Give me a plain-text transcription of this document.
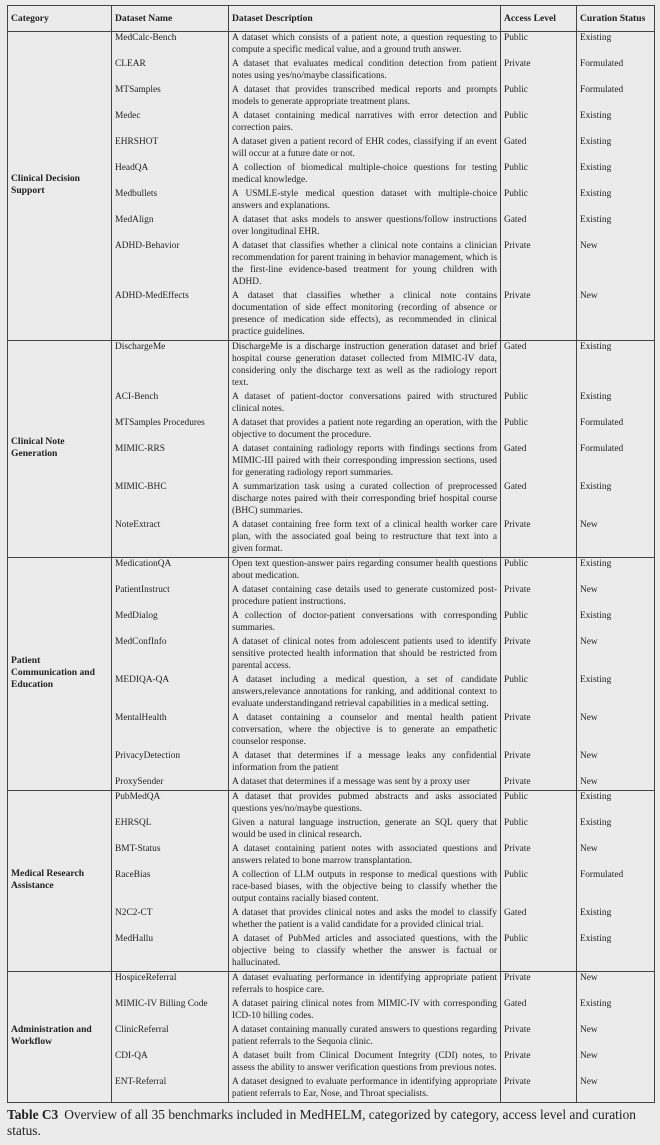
Category	Dataset Name	Dataset Description	Access Level	Curation Status
Clinical Decision Support	MedCalc-Bench	A dataset which consists of a patient note, a question requesting to compute a specific medical value, and a ground truth answer.	Public	Existing
	CLEAR	A dataset that evaluates medical condition detection from patient notes using yes/no/maybe classifications.	Private	Formulated
	MTSamples	A dataset that provides transcribed medical reports and prompts models to generate appropriate treatment plans.	Public	Formulated
	Medec	A dataset containing medical narratives with error detection and correction pairs.	Public	Existing
	EHRSHOT	A dataset given a patient record of EHR codes, classifying if an event will occur at a future date or not.	Gated	Existing
	HeadQA	A collection of biomedical multiple-choice questions for testing medical knowledge.	Public	Existing
	Medbullets	A USMLE-style medical question dataset with multiple-choice answers and explanations.	Public	Existing
	MedAlign	A dataset that asks models to answer questions/follow instructions over longitudinal EHR.	Gated	Existing
	ADHD-Behavior	A dataset that classifies whether a clinical note contains a clinician recommendation for parent training in behavior management, which is the first-line evidence-based treatment for young children with ADHD.	Private	New
	ADHD-MedEffects	A dataset that classifies whether a clinical note contains documentation of side effect monitoring (recording of absence or presence of medication side effects), as recommended in clinical practice guidelines.	Private	New
Clinical Note Generation	DischargeMe	DischargeMe is a discharge instruction generation dataset and brief hospital course generation dataset collected from MIMIC-IV data, considering only the discharge text as well as the radiology report text.	Gated	Existing
	ACI-Bench	A dataset of patient-doctor conversations paired with structured clinical notes.	Public	Existing
	MTSamples Procedures	A dataset that provides a patient note regarding an operation, with the objective to document the procedure.	Public	Formulated
	MIMIC-RRS	A dataset containing radiology reports with findings sections from MIMIC-III paired with their corresponding impression sections, used for generating radiology report summaries.	Gated	Formulated
	MIMIC-BHC	A summarization task using a curated collection of preprocessed discharge notes paired with their corresponding brief hospital course (BHC) summaries.	Gated	Existing
	NoteExtract	A dataset containing free form text of a clinical health worker care plan, with the associated goal being to restructure that text into a given format.	Private	New
Patient Communication and Education	MedicationQA	Open text question-answer pairs regarding consumer health questions about medication.	Public	Existing
	PatientInstruct	A dataset containing case details used to generate customized post-procedure patient instructions.	Private	New
	MedDialog	A collection of doctor-patient conversations with corresponding summaries.	Public	Existing
	MedConfInfo	A dataset of clinical notes from adolescent patients used to identify sensitive protected health information that should be restricted from parental access.	Private	New
	MEDIQA-QA	A dataset including a medical question, a set of candidate answers,relevance annotations for ranking, and additional context to evaluate understandingand retrieval capabilities in a medical setting.	Public	Existing
	MentalHealth	A dataset containing a counselor and mental health patient conversation, where the objective is to generate an empathetic counselor response.	Private	New
	PrivacyDetection	A dataset that determines if a message leaks any confidential information from the patient	Private	New
	ProxySender	A dataset that determines if a message was sent by a proxy user	Private	New
Medical Research Assistance	PubMedQA	A dataset that provides pubmed abstracts and asks associated questions yes/no/maybe questions.	Public	Existing
	EHRSQL	Given a natural language instruction, generate an SQL query that would be used in clinical research.	Public	Existing
	BMT-Status	A dataset containing patient notes with associated questions and answers related to bone marrow transplantation.	Private	New
	RaceBias	A collection of LLM outputs in response to medical questions with race-based biases, with the objective being to classify whether the output contains racially biased content.	Public	Formulated
	N2C2-CT	A dataset that provides clinical notes and asks the model to classify whether the patient is a valid candidate for a provided clinical trial.	Gated	Existing
	MedHallu	A dataset of PubMed articles and associated questions, with the objective being to classify whether the answer is factual or hallucinated.	Public	Existing
Administration and Workflow	HospiceReferral	A dataset evaluating performance in identifying appropriate patient referrals to hospice care.	Private	New
	MIMIC-IV Billing Code	A dataset pairing clinical notes from MIMIC-IV with corresponding ICD-10 billing codes.	Gated	Existing
	ClinicReferral	A dataset containing manually curated answers to questions regarding patient referrals to the Sequoia clinic.	Private	New
	CDI-QA	A dataset built from Clinical Document Integrity (CDI) notes, to assess the ability to answer verification questions from previous notes.	Private	New
	ENT-Referral	A dataset designed to evaluate performance in identifying appropriate patient referrals to Ear, Nose, and Throat specialists.	Private	New
Table C3 Overview of all 35 benchmarks included in MedHELM, categorized by category, access level and curation status.
